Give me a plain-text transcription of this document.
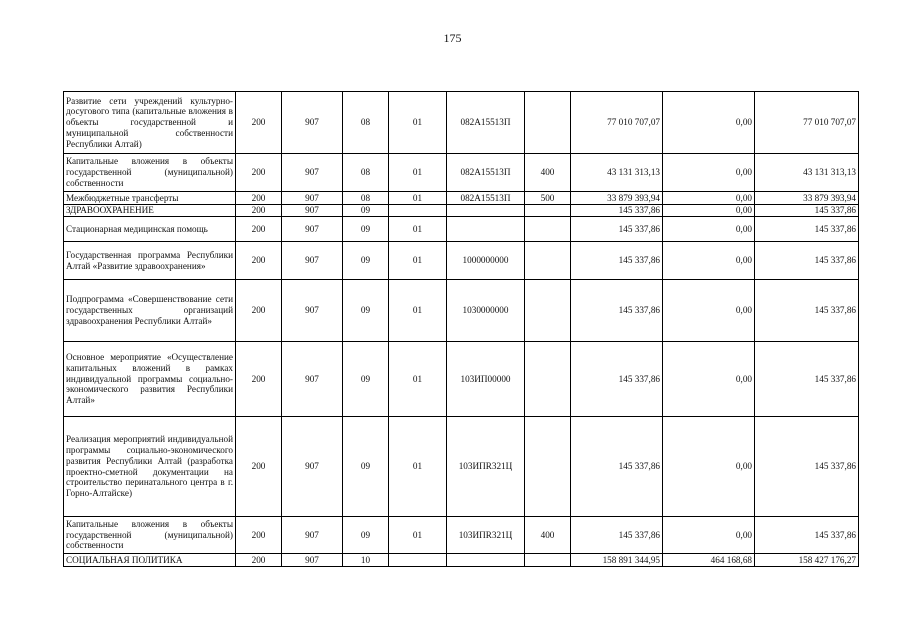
175
Развитие сети учреждений культурно-досугового типа (капитальные вложения в объекты государственной и муниципальной собственности Республики Алтай)	200	907	08	01	082А15513П		77 010 707,07	0,00	77 010 707,07
Капитальные вложения в объекты государственной (муниципальной) собственности	200	907	08	01	082А15513П	400	43 131 313,13	0,00	43 131 313,13
Межбюджетные трансферты	200	907	08	01	082А15513П	500	33 879 393,94	0,00	33 879 393,94
ЗДРАВООХРАНЕНИЕ	200	907	09				145 337,86	0,00	145 337,86
Стационарная медицинская помощь	200	907	09	01			145 337,86	0,00	145 337,86
Государственная программа Республики Алтай «Развитие здравоохранения»	200	907	09	01	1000000000		145 337,86	0,00	145 337,86
Подпрограмма «Совершенствование сети государственных организаций здравоохранения Республики Алтай»	200	907	09	01	1030000000		145 337,86	0,00	145 337,86
Основное мероприятие «Осуществление капитальных вложений в рамках индивидуальной программы социально-экономического развития Республики Алтай»	200	907	09	01	103ИП00000		145 337,86	0,00	145 337,86
Реализация мероприятий индивидуальной программы социально-экономического развития Республики Алтай (разработка проектно-сметной документации на строительство перинатального центра в г. Горно-Алтайске)	200	907	09	01	103ИПR321Ц		145 337,86	0,00	145 337,86
Капитальные вложения в объекты государственной (муниципальной) собственности	200	907	09	01	103ИПR321Ц	400	145 337,86	0,00	145 337,86
СОЦИАЛЬНАЯ ПОЛИТИКА	200	907	10				158 891 344,95	464 168,68	158 427 176,27
